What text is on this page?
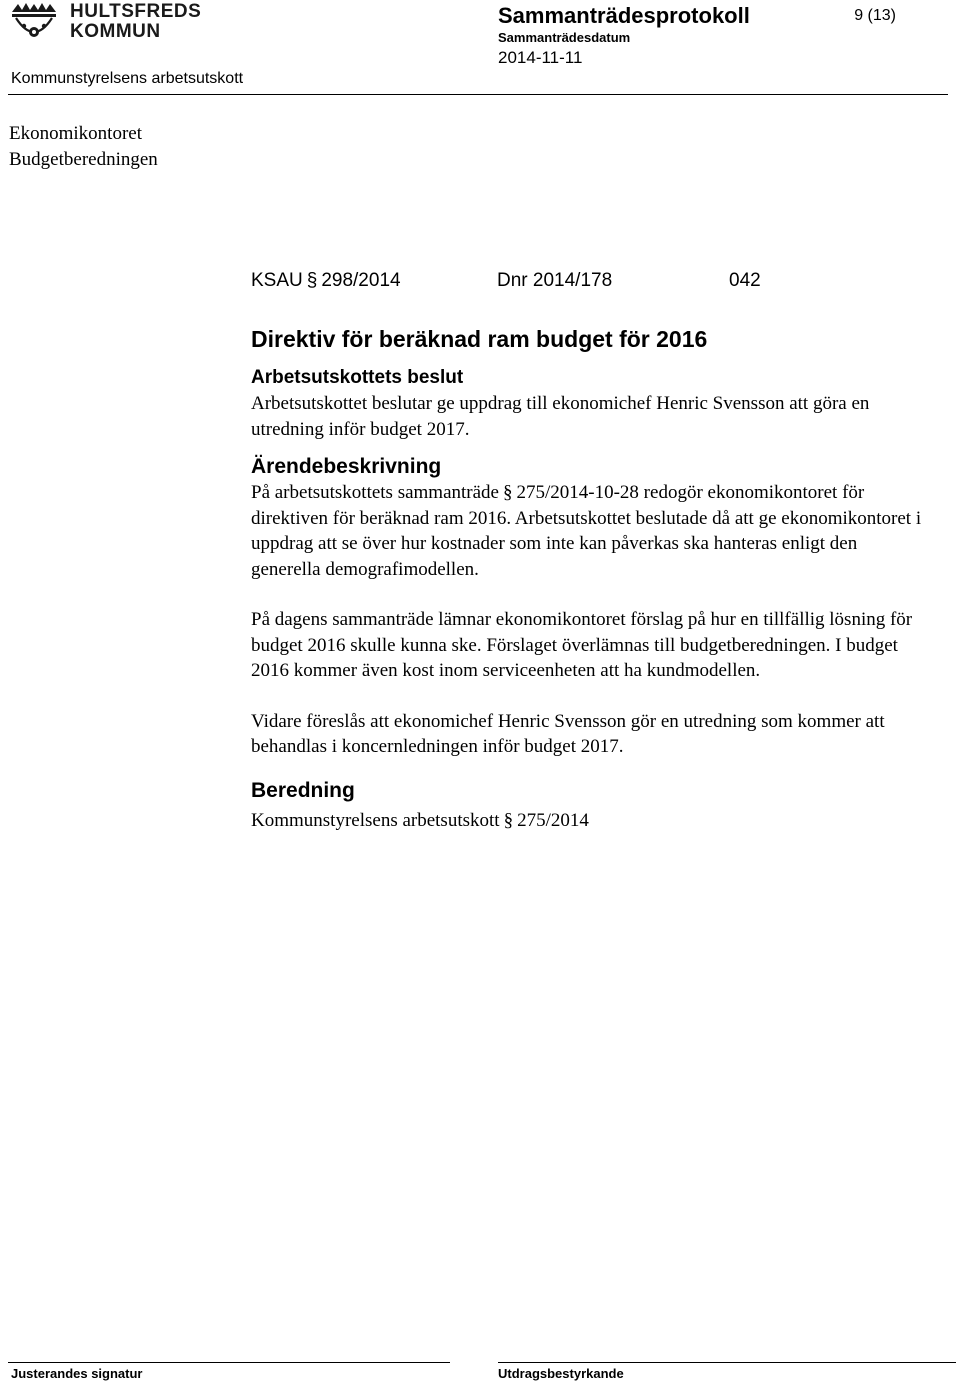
HULTSFREDS
KOMMUN
Sammanträdesprotokoll
Sammanträdesdatum
2014-11-11
9 (13)
Kommunstyrelsens arbetsutskott
Ekonomikontoret
Budgetberedningen
KSAU § 298/2014	Dnr 2014/178	042
Direktiv för beräknad ram budget för 2016
Arbetsutskottets beslut

Arbetsutskottet beslutar ge uppdrag till ekonomichef Henric Svensson att göra en utredning inför budget 2017.

Ärendebeskrivning

På arbetsutskottets sammanträde § 275/2014-10-28 redogör ekonomikontoret för direktiven för beräknad ram 2016. Arbetsutskottet beslutade då att ge ekonomikontoret i uppdrag att se över hur kostnader som inte kan påverkas ska hanteras enligt den generella demografimodellen.

På dagens sammanträde lämnar ekonomikontoret förslag på hur en tillfällig lösning för budget 2016 skulle kunna ske. Förslaget överlämnas till budgetberedningen. I budget 2016 kommer även kost inom serviceenheten att ha kundmodellen.

Vidare föreslås att ekonomichef Henric Svensson gör en utredning som kommer att behandlas i koncernledningen inför budget 2017.

Beredning

Kommunstyrelsens arbetsutskott § 275/2014

Justerandes signatur	Utdragsbestyrkande
